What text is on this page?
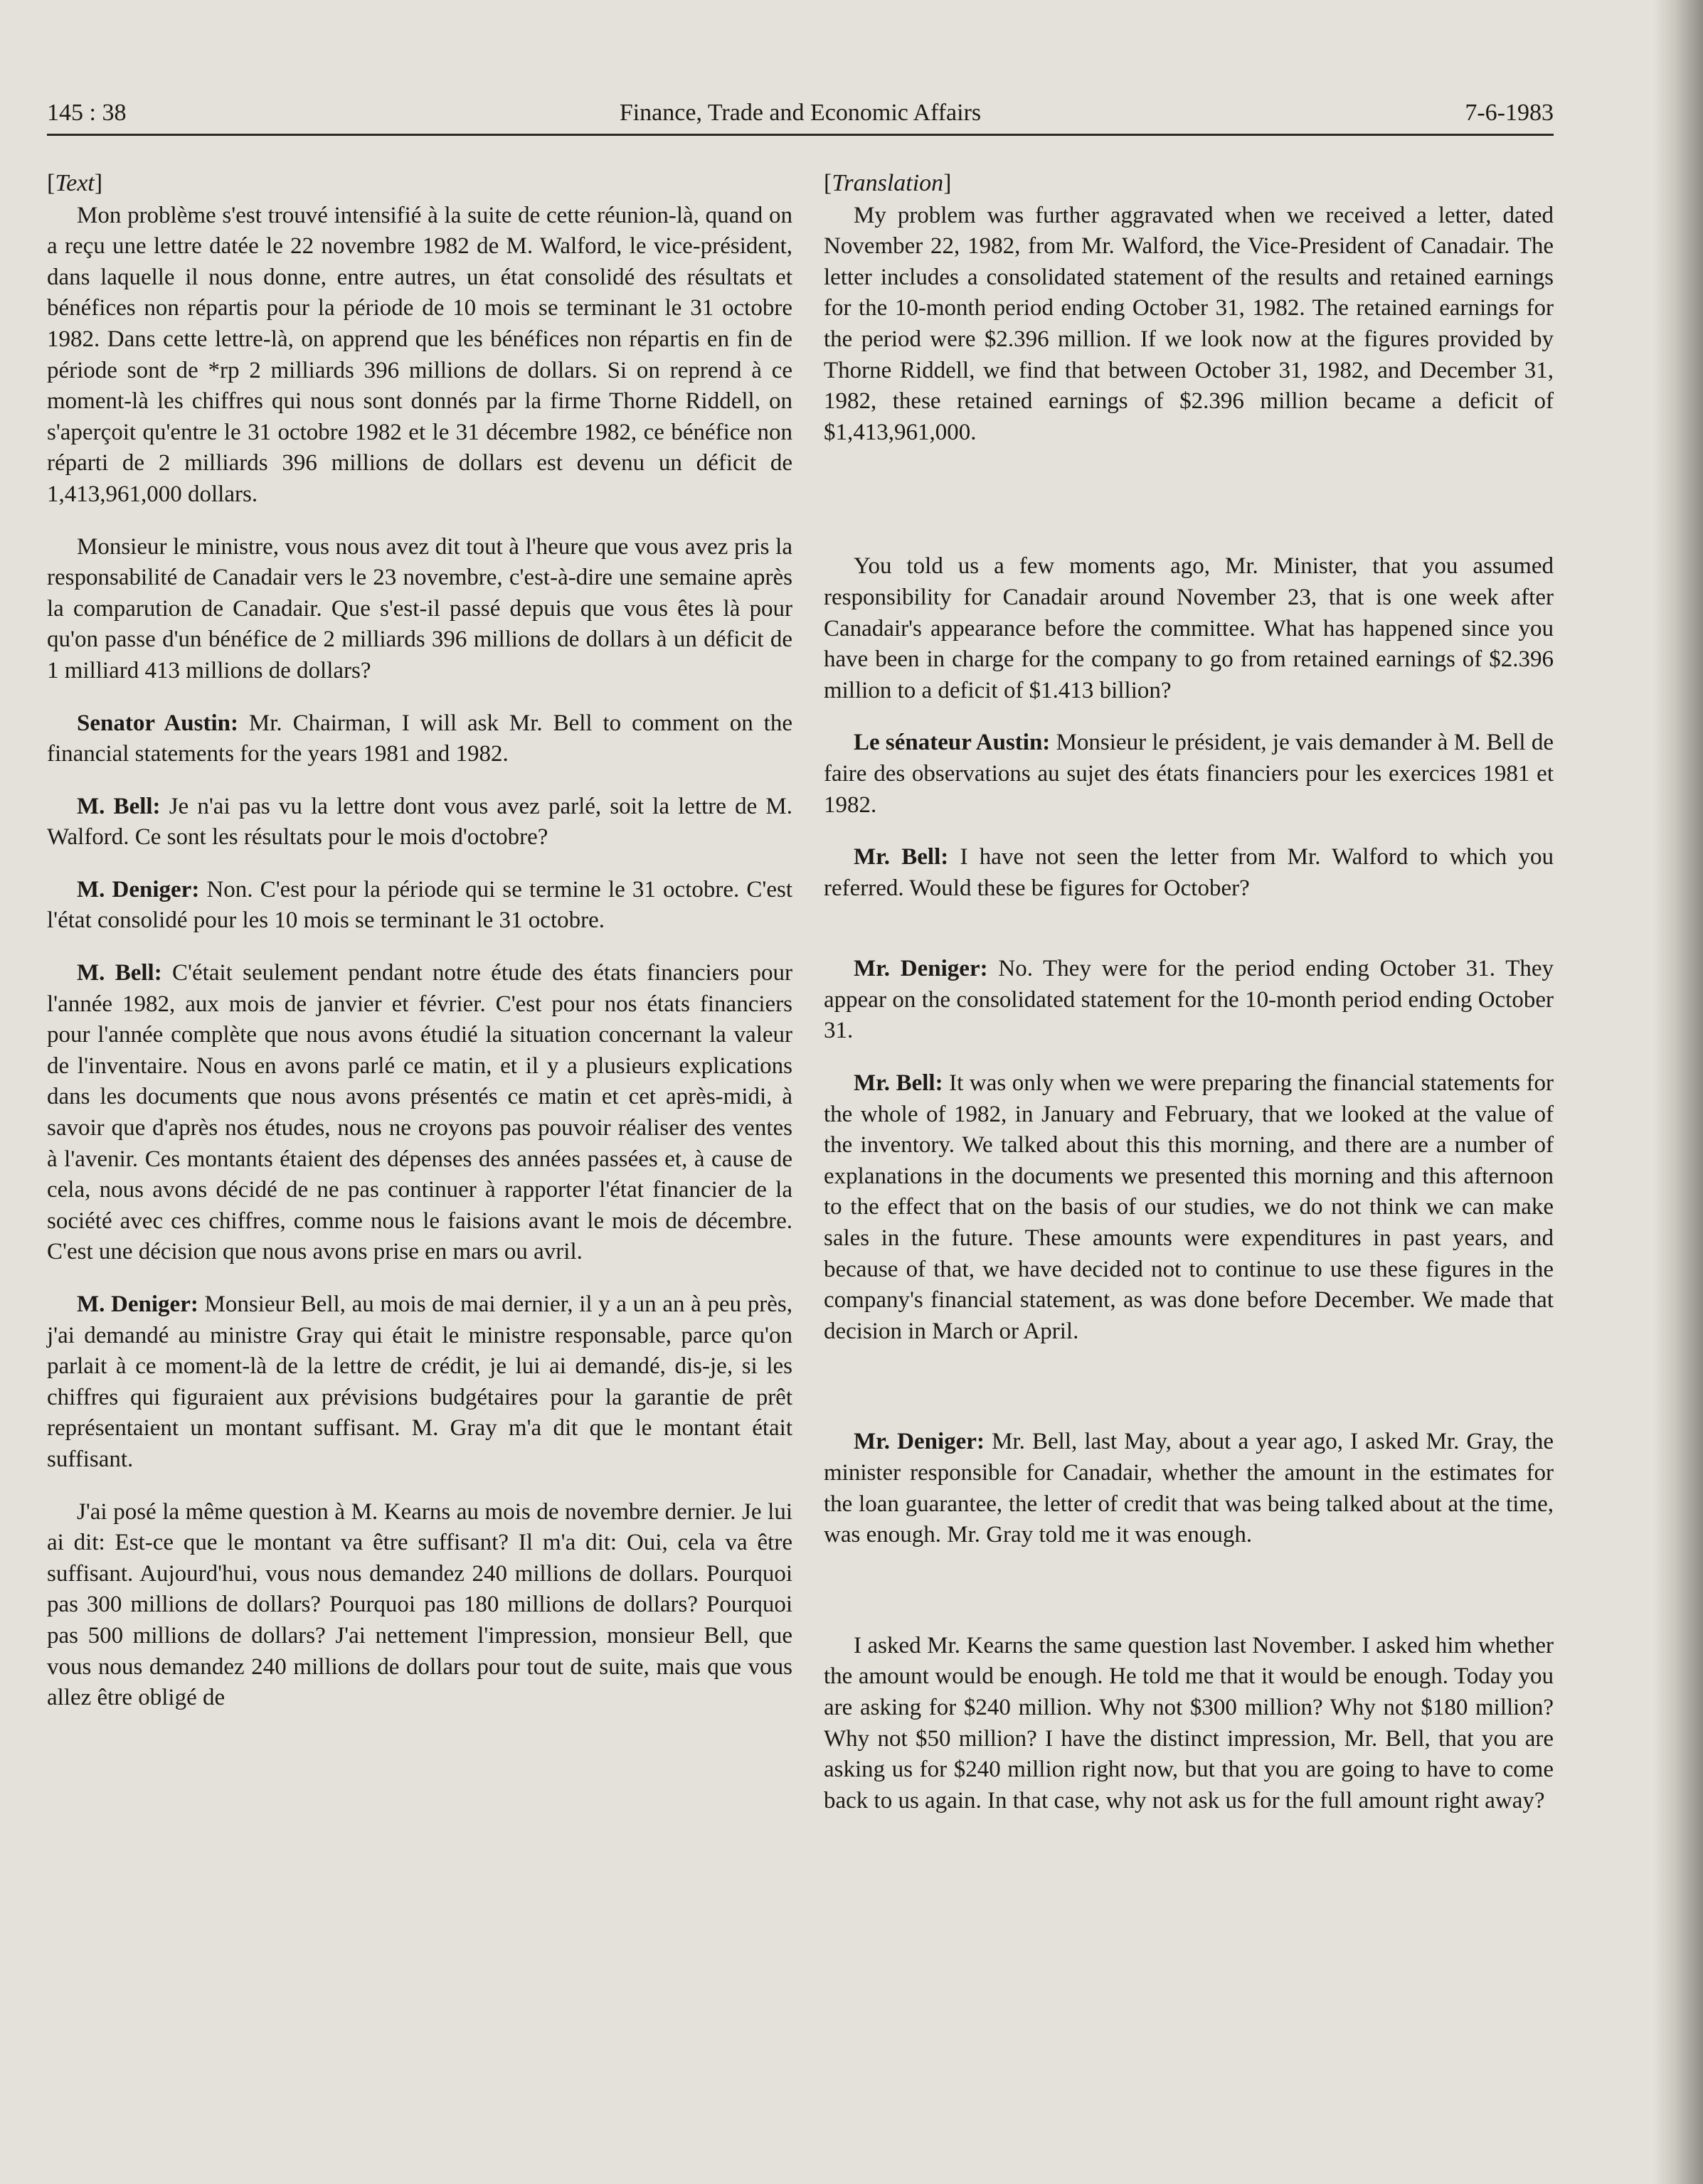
145 : 38	Finance, Trade and Economic Affairs	7-6-1983

[Text]

Mon problème s'est trouvé intensifié à la suite de cette réunion-là, quand on a reçu une lettre datée le 22 novembre 1982 de M. Walford, le vice-président, dans laquelle il nous donne, entre autres, un état consolidé des résultats et bénéfices non répartis pour la période de 10 mois se terminant le 31 octobre 1982. Dans cette lettre-là, on apprend que les bénéfices non répartis en fin de période sont de *rp 2 milliards 396 millions de dollars. Si on reprend à ce moment-là les chiffres qui nous sont donnés par la firme Thorne Riddell, on s'aperçoit qu'entre le 31 octobre 1982 et le 31 décembre 1982, ce bénéfice non réparti de 2 milliards 396 millions de dollars est devenu un déficit de 1,413,961,000 dollars.

Monsieur le ministre, vous nous avez dit tout à l'heure que vous avez pris la responsabilité de Canadair vers le 23 novembre, c'est-à-dire une semaine après la comparution de Canadair. Que s'est-il passé depuis que vous êtes là pour qu'on passe d'un bénéfice de 2 milliards 396 millions de dollars à un déficit de 1 milliard 413 millions de dollars?

Senator Austin: Mr. Chairman, I will ask Mr. Bell to comment on the financial statements for the years 1981 and 1982.

M. Bell: Je n'ai pas vu la lettre dont vous avez parlé, soit la lettre de M. Walford. Ce sont les résultats pour le mois d'octobre?

M. Deniger: Non. C'est pour la période qui se termine le 31 octobre. C'est l'état consolidé pour les 10 mois se terminant le 31 octobre.

M. Bell: C'était seulement pendant notre étude des états financiers pour l'année 1982, aux mois de janvier et février. C'est pour nos états financiers pour l'année complète que nous avons étudié la situation concernant la valeur de l'inventaire. Nous en avons parlé ce matin, et il y a plusieurs explications dans les documents que nous avons présentés ce matin et cet après-midi, à savoir que d'après nos études, nous ne croyons pas pouvoir réaliser des ventes à l'avenir. Ces montants étaient des dépenses des années passées et, à cause de cela, nous avons décidé de ne pas continuer à rapporter l'état financier de la société avec ces chiffres, comme nous le faisions avant le mois de décembre. C'est une décision que nous avons prise en mars ou avril.

M. Deniger: Monsieur Bell, au mois de mai dernier, il y a un an à peu près, j'ai demandé au ministre Gray qui était le ministre responsable, parce qu'on parlait à ce moment-là de la lettre de crédit, je lui ai demandé, dis-je, si les chiffres qui figuraient aux prévisions budgétaires pour la garantie de prêt représentaient un montant suffisant. M. Gray m'a dit que le montant était suffisant.

J'ai posé la même question à M. Kearns au mois de novembre dernier. Je lui ai dit: Est-ce que le montant va être suffisant? Il m'a dit: Oui, cela va être suffisant. Aujourd'hui, vous nous demandez 240 millions de dollars. Pourquoi pas 300 millions de dollars? Pourquoi pas 180 millions de dollars? Pourquoi pas 500 millions de dollars? J'ai nettement l'impression, monsieur Bell, que vous nous demandez 240 millions de dollars pour tout de suite, mais que vous allez être obligé de

[Translation]

My problem was further aggravated when we received a letter, dated November 22, 1982, from Mr. Walford, the Vice-President of Canadair. The letter includes a consolidated statement of the results and retained earnings for the 10-month period ending October 31, 1982. The retained earnings for the period were $2.396 million. If we look now at the figures provided by Thorne Riddell, we find that between October 31, 1982, and December 31, 1982, these retained earnings of $2.396 million became a deficit of $1,413,961,000.

You told us a few moments ago, Mr. Minister, that you assumed responsibility for Canadair around November 23, that is one week after Canadair's appearance before the committee. What has happened since you have been in charge for the company to go from retained earnings of $2.396 million to a deficit of $1.413 billion?

Le sénateur Austin: Monsieur le président, je vais demander à M. Bell de faire des observations au sujet des états financiers pour les exercices 1981 et 1982.

Mr. Bell: I have not seen the letter from Mr. Walford to which you referred. Would these be figures for October?

Mr. Deniger: No. They were for the period ending October 31. They appear on the consolidated statement for the 10-month period ending October 31.

Mr. Bell: It was only when we were preparing the financial statements for the whole of 1982, in January and February, that we looked at the value of the inventory. We talked about this this morning, and there are a number of explanations in the documents we presented this morning and this afternoon to the effect that on the basis of our studies, we do not think we can make sales in the future. These amounts were expenditures in past years, and because of that, we have decided not to continue to use these figures in the company's financial statement, as was done before December. We made that decision in March or April.

Mr. Deniger: Mr. Bell, last May, about a year ago, I asked Mr. Gray, the minister responsible for Canadair, whether the amount in the estimates for the loan guarantee, the letter of credit that was being talked about at the time, was enough. Mr. Gray told me it was enough.

I asked Mr. Kearns the same question last November. I asked him whether the amount would be enough. He told me that it would be enough. Today you are asking for $240 million. Why not $300 million? Why not $180 million? Why not $50 million? I have the distinct impression, Mr. Bell, that you are asking us for $240 million right now, but that you are going to have to come back to us again. In that case, why not ask us for the full amount right away?
